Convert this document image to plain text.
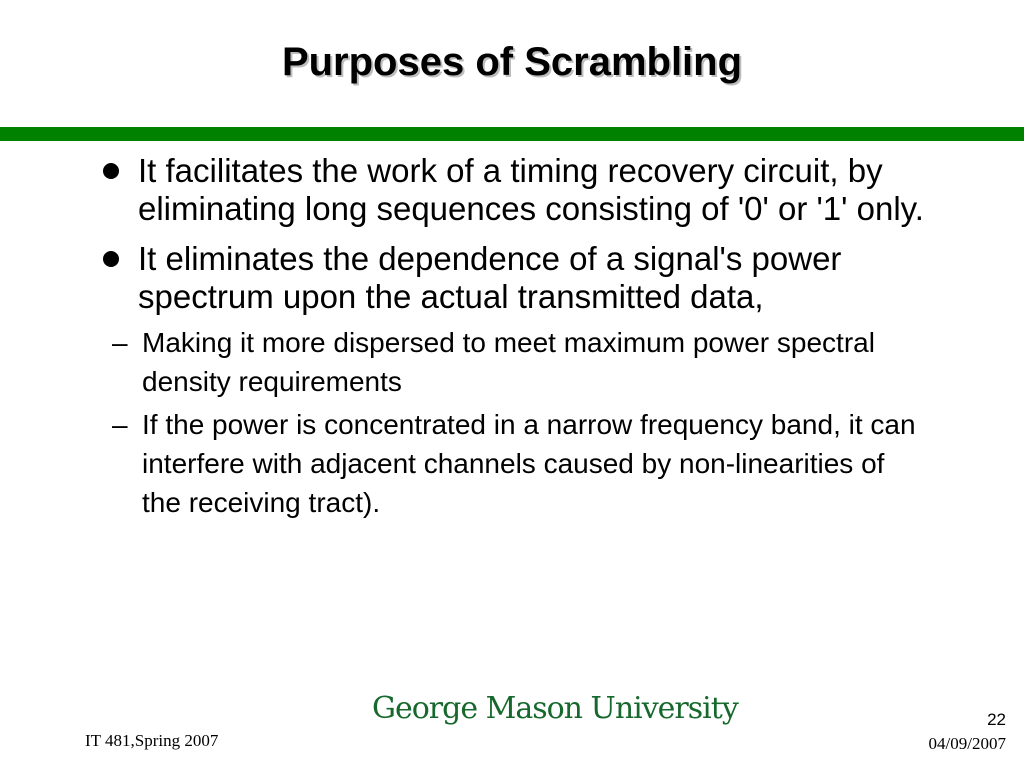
Purposes of Scrambling
It facilitates the work of a timing recovery circuit, by eliminating long sequences consisting of '0' or '1' only.
It eliminates the dependence of a signal's power spectrum upon the actual transmitted data,
– Making it more dispersed to meet maximum power spectral density requirements
– If the power is concentrated in a narrow frequency band, it can interfere with adjacent channels caused by non-linearities of the receiving tract).
George Mason University
IT 481,Spring 2007
22
04/09/2007
